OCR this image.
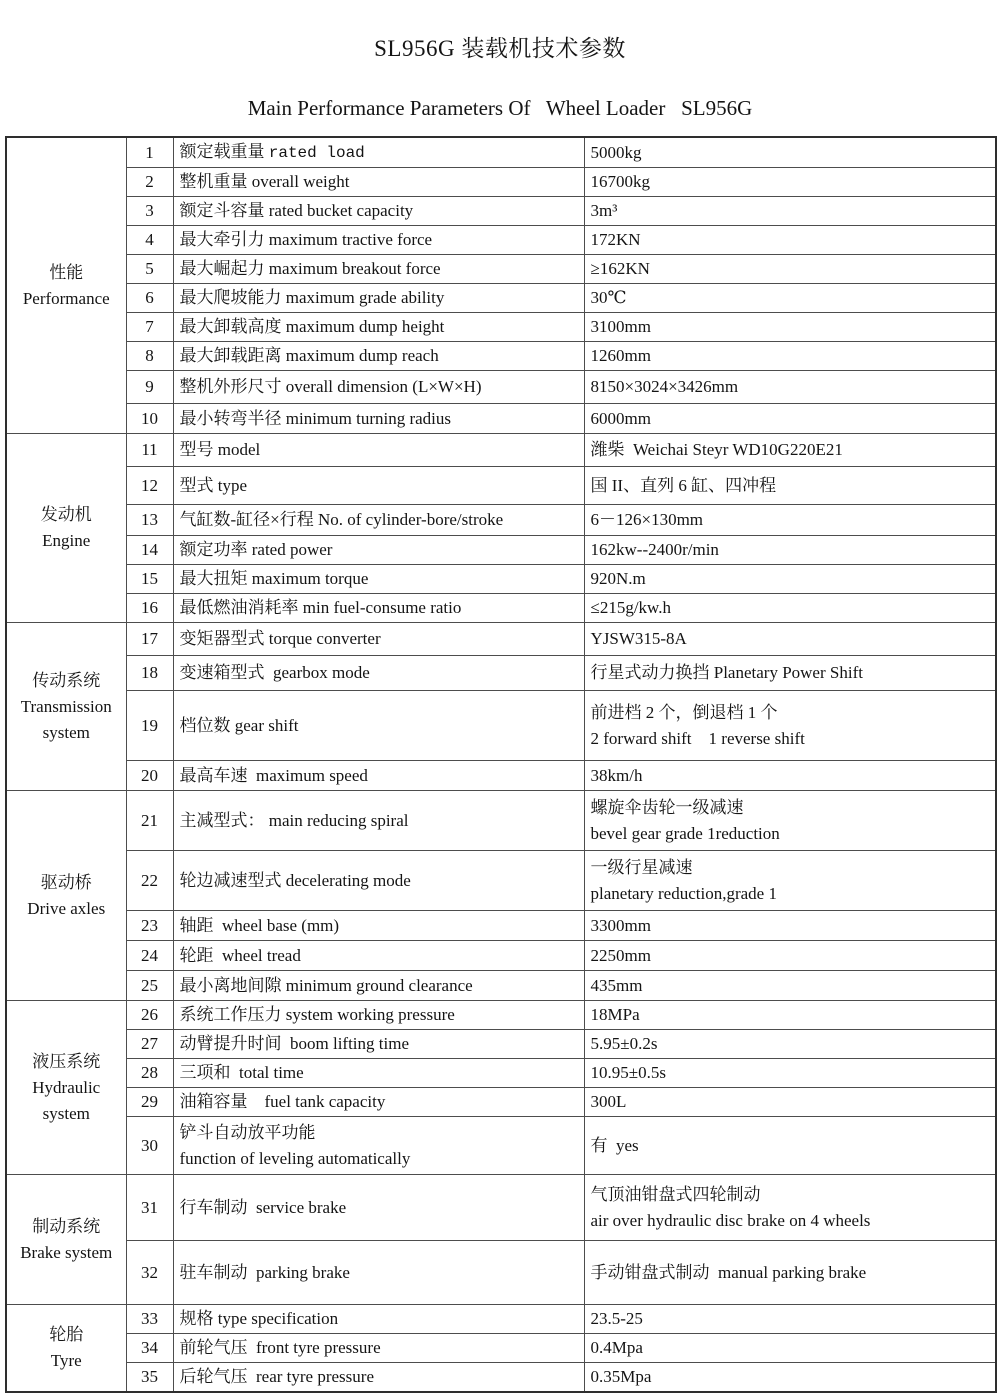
SL956G 装载机技术参数
Main Performance Parameters Of   Wheel Loader   SL956G
性能
Performance	1	额定载重量 rated load	5000kg
	2	整机重量 overall weight	16700kg
	3	额定斗容量 rated bucket capacity	3m³
	4	最大牵引力 maximum tractive force	172KN
	5	最大崛起力 maximum breakout force	≥162KN
	6	最大爬坡能力 maximum grade ability	30℃
	7	最大卸载高度 maximum dump height	3100mm
	8	最大卸载距离 maximum dump reach	1260mm
	9	整机外形尺寸 overall dimension (L×W×H)	8150×3024×3426mm
	10	最小转弯半径 minimum turning radius	6000mm
发动机
Engine	11	型号 model	潍柴  Weichai Steyr WD10G220E21
	12	型式 type	国 II、直列 6 缸、四冲程
	13	气缸数-缸径×行程 No. of cylinder-bore/stroke	6－126×130mm
	14	额定功率 rated power	162kw--2400r/min
	15	最大扭矩 maximum torque	920N.m
	16	最低燃油消耗率 min fuel-consume ratio	≤215g/kw.h
传动系统
Transmission
system	17	变矩器型式 torque converter	YJSW315-8A
	18	变速箱型式  gearbox mode	行星式动力换挡 Planetary Power Shift
	19	档位数 gear shift	前进档 2 个，倒退档 1 个
2 forward shift    1 reverse shift
	20	最高车速  maximum speed	38km/h
驱动桥
Drive axles	21	主减型式： main reducing spiral	螺旋伞齿轮一级减速
bevel gear grade 1reduction
	22	轮边减速型式 decelerating mode	一级行星减速
planetary reduction,grade 1
	23	轴距  wheel base (mm)	3300mm
	24	轮距  wheel tread	2250mm
	25	最小离地间隙 minimum ground clearance	435mm
液压系统
Hydraulic
system	26	系统工作压力 system working pressure	18MPa
	27	动臂提升时间  boom lifting time	5.95±0.2s
	28	三项和  total time	10.95±0.5s
	29	油箱容量    fuel tank capacity	300L
	30	铲斗自动放平功能
function of leveling automatically	有  yes
制动系统
Brake system	31	行车制动  service brake	气顶油钳盘式四轮制动
air over hydraulic disc brake on 4 wheels
	32	驻车制动  parking brake	手动钳盘式制动  manual parking brake
轮胎
Tyre	33	规格 type specification	23.5-25
	34	前轮气压  front tyre pressure	0.4Mpa
	35	后轮气压  rear tyre pressure	0.35Mpa
